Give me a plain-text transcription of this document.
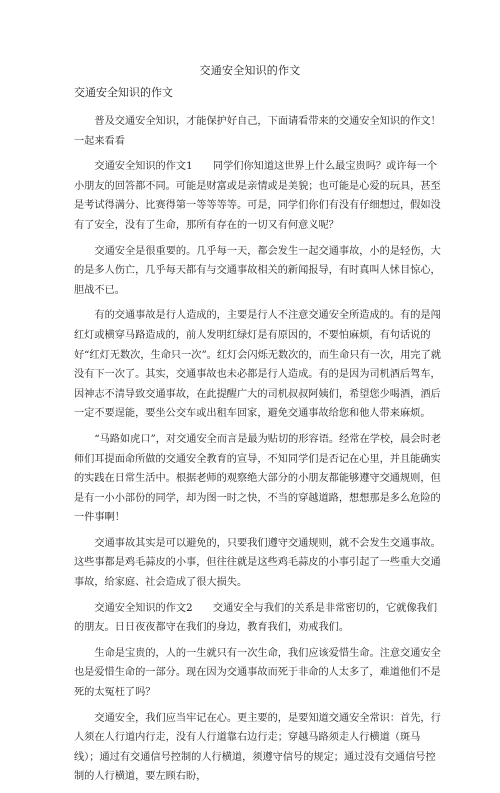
交通安全知识的作文
交通安全知识的作文

普及交通安全知识，才能保护好自己，下面请看带来的交通安全知识的作文！一起来看看

交通安全知识的作文1　　同学们你知道这世界上什么最宝贵吗？或许每一个小朋友的回答都不同。可能是财富或是亲情或是美貌；也可能是心爱的玩具，甚至是考试得满分、比赛得第一等等等等。可是，同学们你们有没有仔细想过，假如没有了安全，没有了生命，那所有存在的一切又有何意义呢？

交通安全是很重要的。几乎每一天，都会发生一起交通事故，小的是轻伤，大的是多人伤亡，几乎每天都有与交通事故相关的新闻报导，有时真叫人怵目惊心，胆战不已。

有的交通事故是行人造成的，主要是行人不注意交通安全所造成的。有的是闯红灯或横穿马路造成的，前人发明红绿灯是有原因的，不要怕麻烦，有句话说的好“红灯无数次，生命只一次”。红灯会闪烁无数次的，而生命只有一次，用完了就没有下一次了。其实，交通事故也未必都是行人造成。有的是因为司机酒后驾车，因神志不清导致交通事故，在此提醒广大的司机叔叔阿姨们，希望您少喝酒，酒后一定不要逞能，要坐公交车或出租车回家，避免交通事故给您和他人带来麻烦。

“马路如虎口”，对交通安全而言是最为贴切的形容语。经常在学校，晨会时老师们耳提面命所做的交通安全教育的宣导，不知同学们是否记在心里，并且能确实的实践在日常生活中。根据老师的观察绝大部分的小朋友都能够遵守交通规则，但是有一小小部份的同学，却为图一时之快，不当的穿越道路，想想那是多么危险的一件事啊！

交通事故其实是可以避免的，只要我们遵守交通规则，就不会发生交通事故。这些事都是鸡毛蒜皮的小事，但往往就是这些鸡毛蒜皮的小事引起了一些重大交通事故，给家庭、社会造成了很大损失。

交通安全知识的作文2　　交通安全与我们的关系是非常密切的，它就像我们的朋友。日日夜夜都守在我们的身边，教育我们，劝戒我们。

生命是宝贵的，人的一生就只有一次生命，我们应该爱惜生命。注意交通安全也是爱惜生命的一部分。现在因为交通事故而死于非命的人太多了，难道他们不是死的太冤枉了吗？

交通安全，我们应当牢记在心。更主要的，是要知道交通安全常识：首先，行人须在人行道内行走，没有人行道靠右边行走；穿越马路须走人行横道（斑马线）；通过有交通信号控制的人行横道，须遵守信号的规定；通过没有交通信号控制的人行横道，要左顾右盼，
